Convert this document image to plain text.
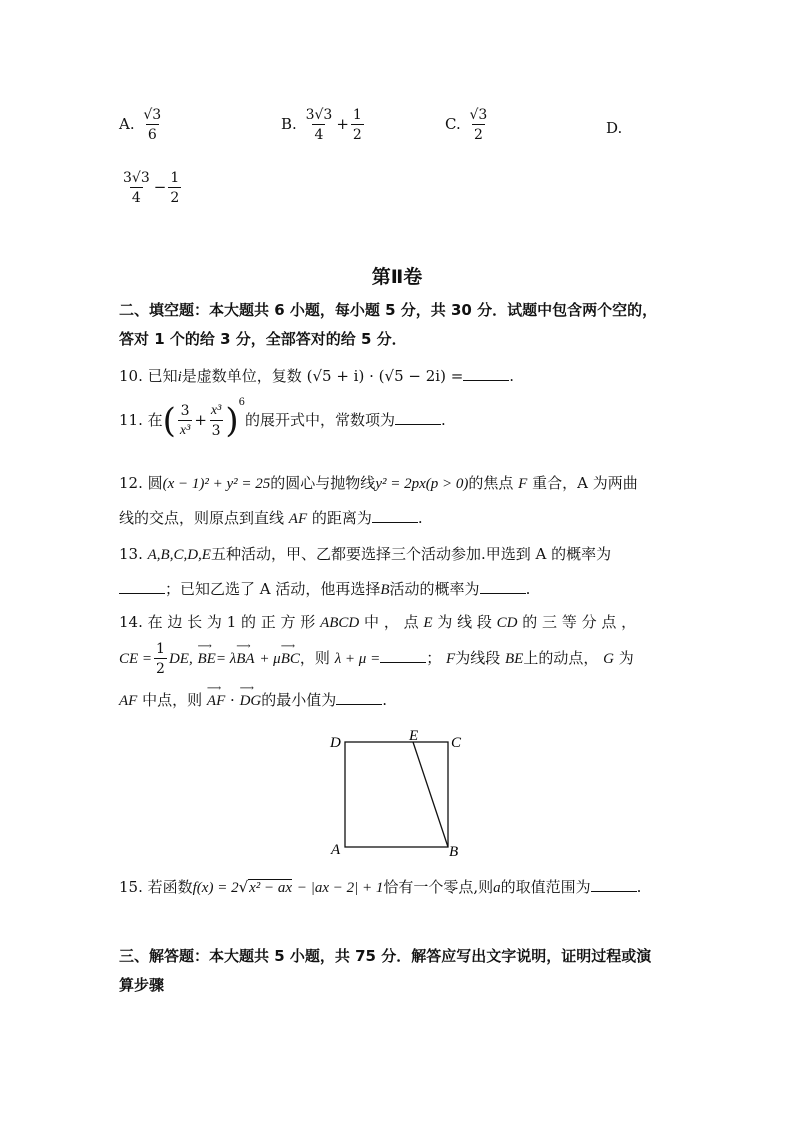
A. $\frac{√3}{6}$	B. $\frac{3√3}{4} + \frac{1}{2}$	C. $\frac{√3}{2}$	D.
$\frac{3√3}{4} - \frac{1}{2}$
第Ⅱ卷
二、填空题：本大题共 6 小题，每小题 5 分，共 30 分．试题中包含两个空的，
答对 1 个的给 3 分，全部答对的给 5 分．
10. 已知i是虚数单位，复数 (√5 + i) · (√5 − 2i) =	.
11. 在( $\frac{3}{\text{x³}} + \frac{\text{x³}}{3} )^6$的展开式中，常数项为	.
12. 圆(x − 1)² + y² = 25的圆心与抛物线y² = 2px(p > 0)的焦点 F 重合，A 为两曲
线的交点，则原点到直线 AF 的距离为	.
13. A,B,C,D,E五种活动，甲、乙都要选择三个活动参加.甲选到 A 的概率为
；已知乙选了 A 活动，他再选择B活动的概率为	.
14. 在 边 长 为 1 的 正 方 形 ABCD 中 ， 点 E 为 线 段 CD 的 三 等 分 点 ，
CE = $\frac{1}{2}$ DE,
⟶
BE= λ
⟶
BA + μ
⟶
BC，则 λ + μ =	； F为线段 BE上的动点， G 为
AF 中点，则
⟶
AF ·
⟶
DG的最小值为	.
D	E C
A	B
15. 若函数f(x) = 2√x² − ax − |ax − 2| + 1恰有一个零点,则a的取值范围为	.
三、解答题：本大题共 5 小题，共 75 分．解答应写出文字说明，证明过程或演
算步骤
